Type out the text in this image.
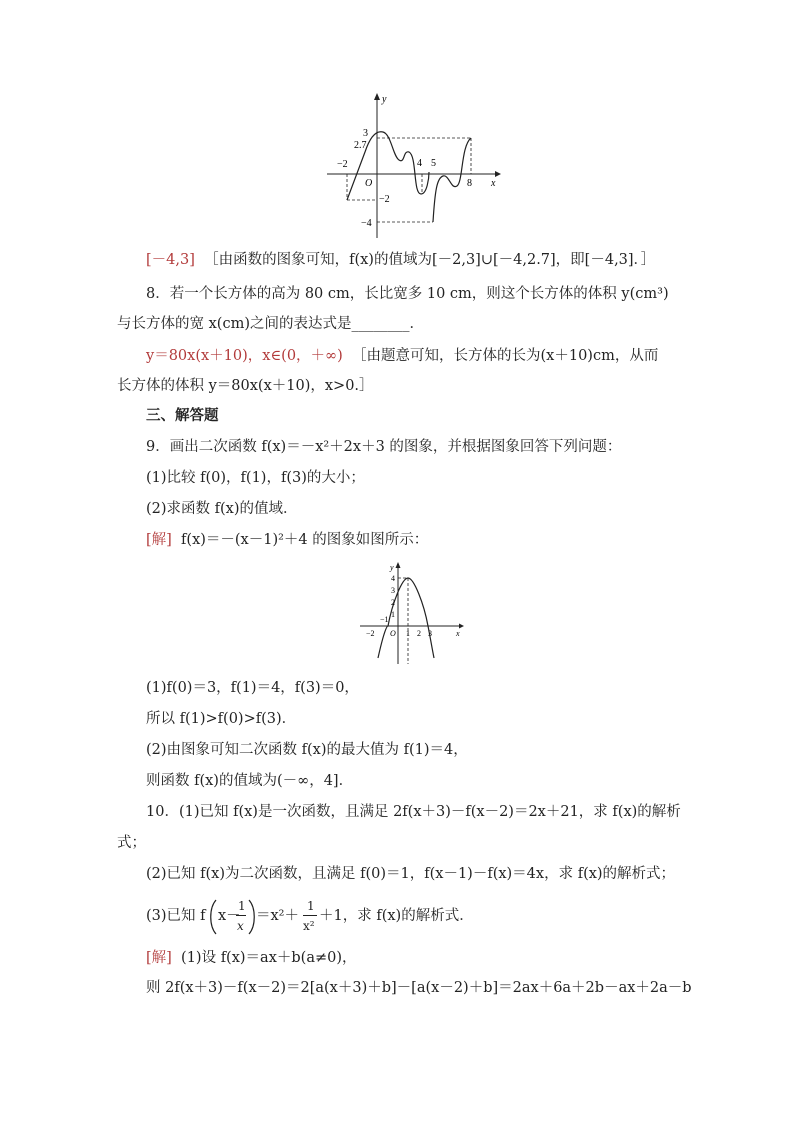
y
x
O
3
2.7
−2	4 5
8
−2
−4
[－4,3] ［由函数的图象可知，f(x)的值域为[－2,3]∪[－4,2.7]，即[－4,3]．］
8．若一个长方体的高为 80 cm，长比宽多 10 cm，则这个长方体的体积 y(cm³)
与长方体的宽 x(cm)之间的表达式是________．
y＝80x(x＋10)，x∈(0，＋∞) ［由题意可知，长方体的长为(x＋10)cm，从而
长方体的体积 y＝80x(x＋10)，x>0.］
三、解答题
9．画出二次函数 f(x)＝－x²＋2x＋3 的图象，并根据图象回答下列问题：
(1)比较 f(0)，f(1)，f(3)的大小；
(2)求函数 f(x)的值域．
[解] f(x)＝－(x－1)²＋4 的图象如图所示：
y
x
O
4
3
2
1
−1
−2	1 2 3
(1)f(0)＝3，f(1)＝4，f(3)＝0，
所以 f(1)>f(0)>f(3)．
(2)由图象可知二次函数 f(x)的最大值为 f(1)＝4，
则函数 f(x)的值域为(－∞，4]．
10．(1)已知 f(x)是一次函数，且满足 2f(x＋3)－f(x－2)＝2x＋21，求 f(x)的解析
式；
(2)已知 f(x)为二次函数，且满足 f(0)＝1，f(x－1)－f(x)＝4x，求 f(x)的解析式；
(3)已知 f x－
1
x
＝x²＋
1
x²
＋1，求 f(x)的解析式．
[解] (1)设 f(x)＝ax＋b(a≠0)，
则 2f(x＋3)－f(x－2)＝2[a(x＋3)＋b]－[a(x－2)＋b]＝2ax＋6a＋2b－ax＋2a－b
